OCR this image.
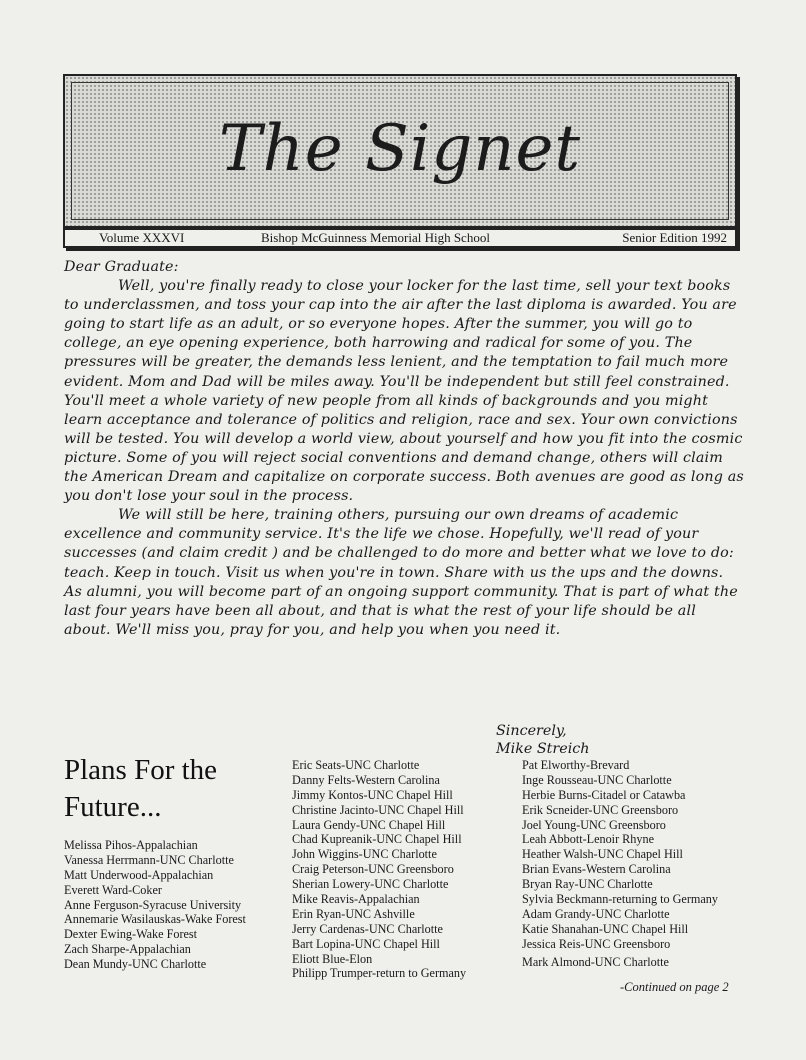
The Signet
Volume XXXVI	Bishop McGuinness Memorial High School	Senior Edition 1992

Dear Graduate:

Well, you're finally ready to close your locker for the last time, sell your text books to underclassmen, and toss your cap into the air after the last diploma is awarded. You are going to start life as an adult, or so everyone hopes. After the summer, you will go to college, an eye opening experience, both harrowing and radical for some of you. The pressures will be greater, the demands less lenient, and the temptation to fail much more evident. Mom and Dad will be miles away. You'll be independent but still feel constrained. You'll meet a whole variety of new people from all kinds of backgrounds and you might learn acceptance and tolerance of politics and religion, race and sex. Your own convictions will be tested. You will develop a world view, about yourself and how you fit into the cosmic picture. Some of you will reject social conventions and demand change, others will claim the American Dream and capitalize on corporate success. Both avenues are good as long as you don't lose your soul in the process.

We will still be here, training others, pursuing our own dreams of academic excellence and community service. It's the life we chose. Hopefully, we'll read of your successes (and claim credit ) and be challenged to do more and better what we love to do: teach. Keep in touch. Visit us when you're in town. Share with us the ups and the downs. As alumni, you will become part of an ongoing support community. That is part of what the last four years have been all about, and that is what the rest of your life should be all about. We'll miss you, pray for you, and help you when you need it.

Sincerely,
Mike Streich
Plans For the
Future...
Melissa Pihos-Appalachian
Vanessa Herrmann-UNC Charlotte
Matt Underwood-Appalachian
Everett Ward-Coker
Anne Ferguson-Syracuse University
Annemarie Wasilauskas-Wake Forest
Dexter Ewing-Wake Forest
Zach Sharpe-Appalachian
Dean Mundy-UNC Charlotte
Eric Seats-UNC Charlotte
Danny Felts-Western Carolina
Jimmy Kontos-UNC Chapel Hill
Christine Jacinto-UNC Chapel Hill
Laura Gendy-UNC Chapel Hill
Chad Kupreanik-UNC Chapel Hill
John Wiggins-UNC Charlotte
Craig Peterson-UNC Greensboro
Sherian Lowery-UNC Charlotte
Mike Reavis-Appalachian
Erin Ryan-UNC Ashville
Jerry Cardenas-UNC Charlotte
Bart Lopina-UNC Chapel Hill
Eliott Blue-Elon
Philipp Trumper-return to Germany
Pat Elworthy-Brevard
Inge Rousseau-UNC Charlotte
Herbie Burns-Citadel or Catawba
Erik Scneider-UNC Greensboro
Joel Young-UNC Greensboro
Leah Abbott-Lenoir Rhyne
Heather Walsh-UNC Chapel Hill
Brian Evans-Western Carolina
Bryan Ray-UNC Charlotte
Sylvia Beckmann-returning to Germany
Adam Grandy-UNC Charlotte
Katie Shanahan-UNC Chapel Hill
Jessica Reis-UNC Greensboro
Mark Almond-UNC Charlotte
-Continued on page 2
